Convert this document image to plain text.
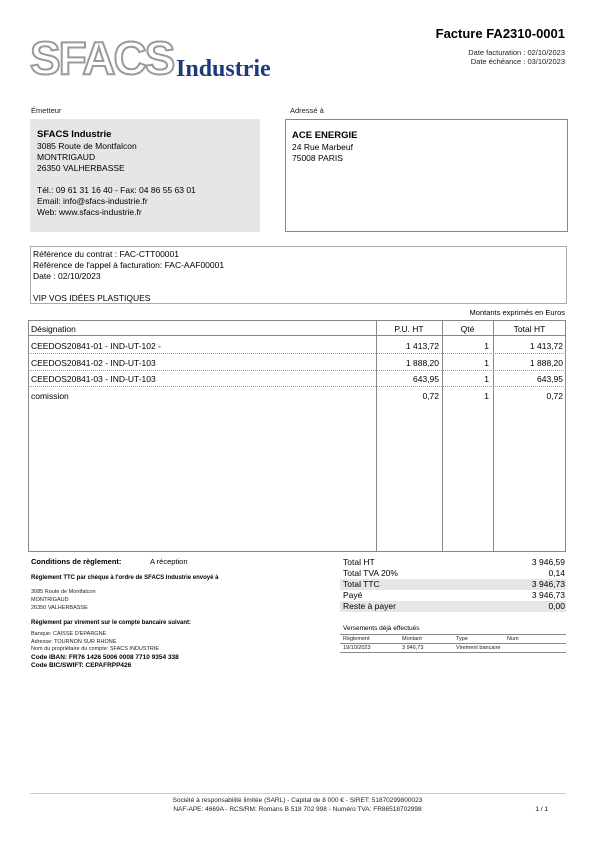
SFACS Industrie
Facture FA2310-0001
Date facturation : 02/10/2023
Date échéance : 03/10/2023
Émetteur
SFACS Industrie
3085 Route de Montfalcon
MONTRIGAUD
26350 VALHERBASSE
Tél.: 09 61 31 16 40 - Fax: 04 86 55 63 01
Email: info@sfacs-industrie.fr
Web: www.sfacs-industrie.fr
Adressé à
ACE ENERGIE
24 Rue Marbeuf
75008 PARIS
Référence du contrat : FAC-CTT00001
Référence de l'appel à facturation: FAC-AAF00001
Date : 02/10/2023
VIP VOS IDÉES PLASTIQUES
Montants exprimés en Euros
Désignation	P.U. HT	Qté	Total HT
CEEDOS20841-01 - IND-UT-102 -	1 413,72	1	1 413,72
CEEDOS20841-02 - IND-UT-103	1 888,20	1	1 888,20
CEEDOS20841-03 - IND-UT-103	643,95	1	643,95
comission	0,72	1	0,72
Conditions de règlement:	A réception
Règlement TTC par chèque à l'ordre de SFACS Industrie envoyé à
3085 Route de Montfalcon
MONTRIGAUD
26350 VALHERBASSE
Règlement par virement sur le compte bancaire suivant:
Banque: CAISSE D'EPARGNE
Adresse: TOURNON SUR RHONE
Nom du propriétaire du compte: SFACS INDUSTRIE
Code IBAN: FR76 1426 5006 0008 7710 9354 338
Code BIC/SWIFT: CEPAFRPP426
Total HT	3 946,59
Total TVA 20%	0,14
Total TTC	3 946,73
Payé	3 946,73
Reste à payer	0,00
Versements déjà effectués
Règlement	Montant	Type	Num
19/10/2023	3 946,73	Virement bancaire
Société à responsabilité limitée (SARL) - Capital de 8 000 € - SIRET: 51870299800023
NAF-APE: 4669A - RCS/RM: Romans B 518 702 998 - Numéro TVA: FR86518702998	1 / 1
